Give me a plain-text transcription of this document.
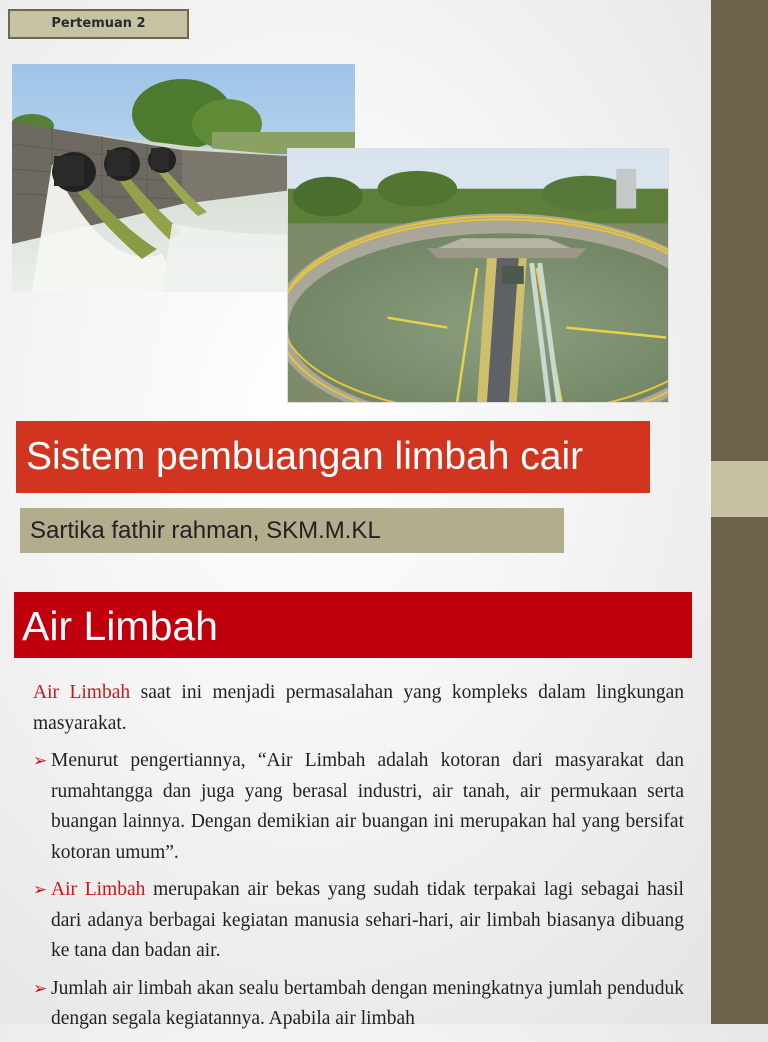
Pertemuan 2
Sistem pembuangan limbah cair
Sartika fathir rahman, SKM.M.KL
Air Limbah

Air Limbah saat ini menjadi permasalahan yang kompleks dalam lingkungan masyarakat.

➢ Menurut pengertiannya, “Air Limbah adalah kotoran dari masyarakat dan rumahtangga dan juga yang berasal industri, air tanah, air permukaan serta buangan lainnya. Dengan demikian air buangan ini merupakan hal yang bersifat kotoran umum”.
➢ Air Limbah merupakan air bekas yang sudah tidak terpakai lagi sebagai hasil dari adanya berbagai kegiatan manusia sehari-hari, air limbah biasanya dibuang ke tana dan badan air.
➢ Jumlah air limbah akan sealu bertambah dengan meningkatnya jumlah penduduk dengan segala kegiatannya. Apabila air limbah
